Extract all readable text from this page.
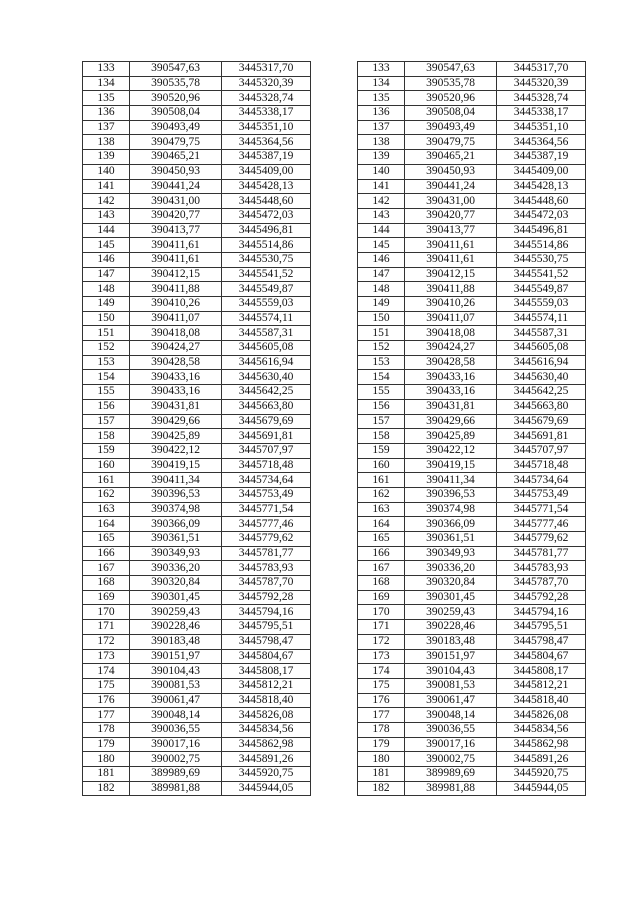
133	390547,63	3445317,70		133	390547,63	3445317,70
134	390535,78	3445320,39		134	390535,78	3445320,39
135	390520,96	3445328,74		135	390520,96	3445328,74
136	390508,04	3445338,17		136	390508,04	3445338,17
137	390493,49	3445351,10		137	390493,49	3445351,10
138	390479,75	3445364,56		138	390479,75	3445364,56
139	390465,21	3445387,19		139	390465,21	3445387,19
140	390450,93	3445409,00		140	390450,93	3445409,00
141	390441,24	3445428,13		141	390441,24	3445428,13
142	390431,00	3445448,60		142	390431,00	3445448,60
143	390420,77	3445472,03		143	390420,77	3445472,03
144	390413,77	3445496,81		144	390413,77	3445496,81
145	390411,61	3445514,86		145	390411,61	3445514,86
146	390411,61	3445530,75		146	390411,61	3445530,75
147	390412,15	3445541,52		147	390412,15	3445541,52
148	390411,88	3445549,87		148	390411,88	3445549,87
149	390410,26	3445559,03		149	390410,26	3445559,03
150	390411,07	3445574,11		150	390411,07	3445574,11
151	390418,08	3445587,31		151	390418,08	3445587,31
152	390424,27	3445605,08		152	390424,27	3445605,08
153	390428,58	3445616,94		153	390428,58	3445616,94
154	390433,16	3445630,40		154	390433,16	3445630,40
155	390433,16	3445642,25		155	390433,16	3445642,25
156	390431,81	3445663,80		156	390431,81	3445663,80
157	390429,66	3445679,69		157	390429,66	3445679,69
158	390425,89	3445691,81		158	390425,89	3445691,81
159	390422,12	3445707,97		159	390422,12	3445707,97
160	390419,15	3445718,48		160	390419,15	3445718,48
161	390411,34	3445734,64		161	390411,34	3445734,64
162	390396,53	3445753,49		162	390396,53	3445753,49
163	390374,98	3445771,54		163	390374,98	3445771,54
164	390366,09	3445777,46		164	390366,09	3445777,46
165	390361,51	3445779,62		165	390361,51	3445779,62
166	390349,93	3445781,77		166	390349,93	3445781,77
167	390336,20	3445783,93		167	390336,20	3445783,93
168	390320,84	3445787,70		168	390320,84	3445787,70
169	390301,45	3445792,28		169	390301,45	3445792,28
170	390259,43	3445794,16		170	390259,43	3445794,16
171	390228,46	3445795,51		171	390228,46	3445795,51
172	390183,48	3445798,47		172	390183,48	3445798,47
173	390151,97	3445804,67		173	390151,97	3445804,67
174	390104,43	3445808,17		174	390104,43	3445808,17
175	390081,53	3445812,21		175	390081,53	3445812,21
176	390061,47	3445818,40		176	390061,47	3445818,40
177	390048,14	3445826,08		177	390048,14	3445826,08
178	390036,55	3445834,56		178	390036,55	3445834,56
179	390017,16	3445862,98		179	390017,16	3445862,98
180	390002,75	3445891,26		180	390002,75	3445891,26
181	389989,69	3445920,75		181	389989,69	3445920,75
182	389981,88	3445944,05		182	389981,88	3445944,05
